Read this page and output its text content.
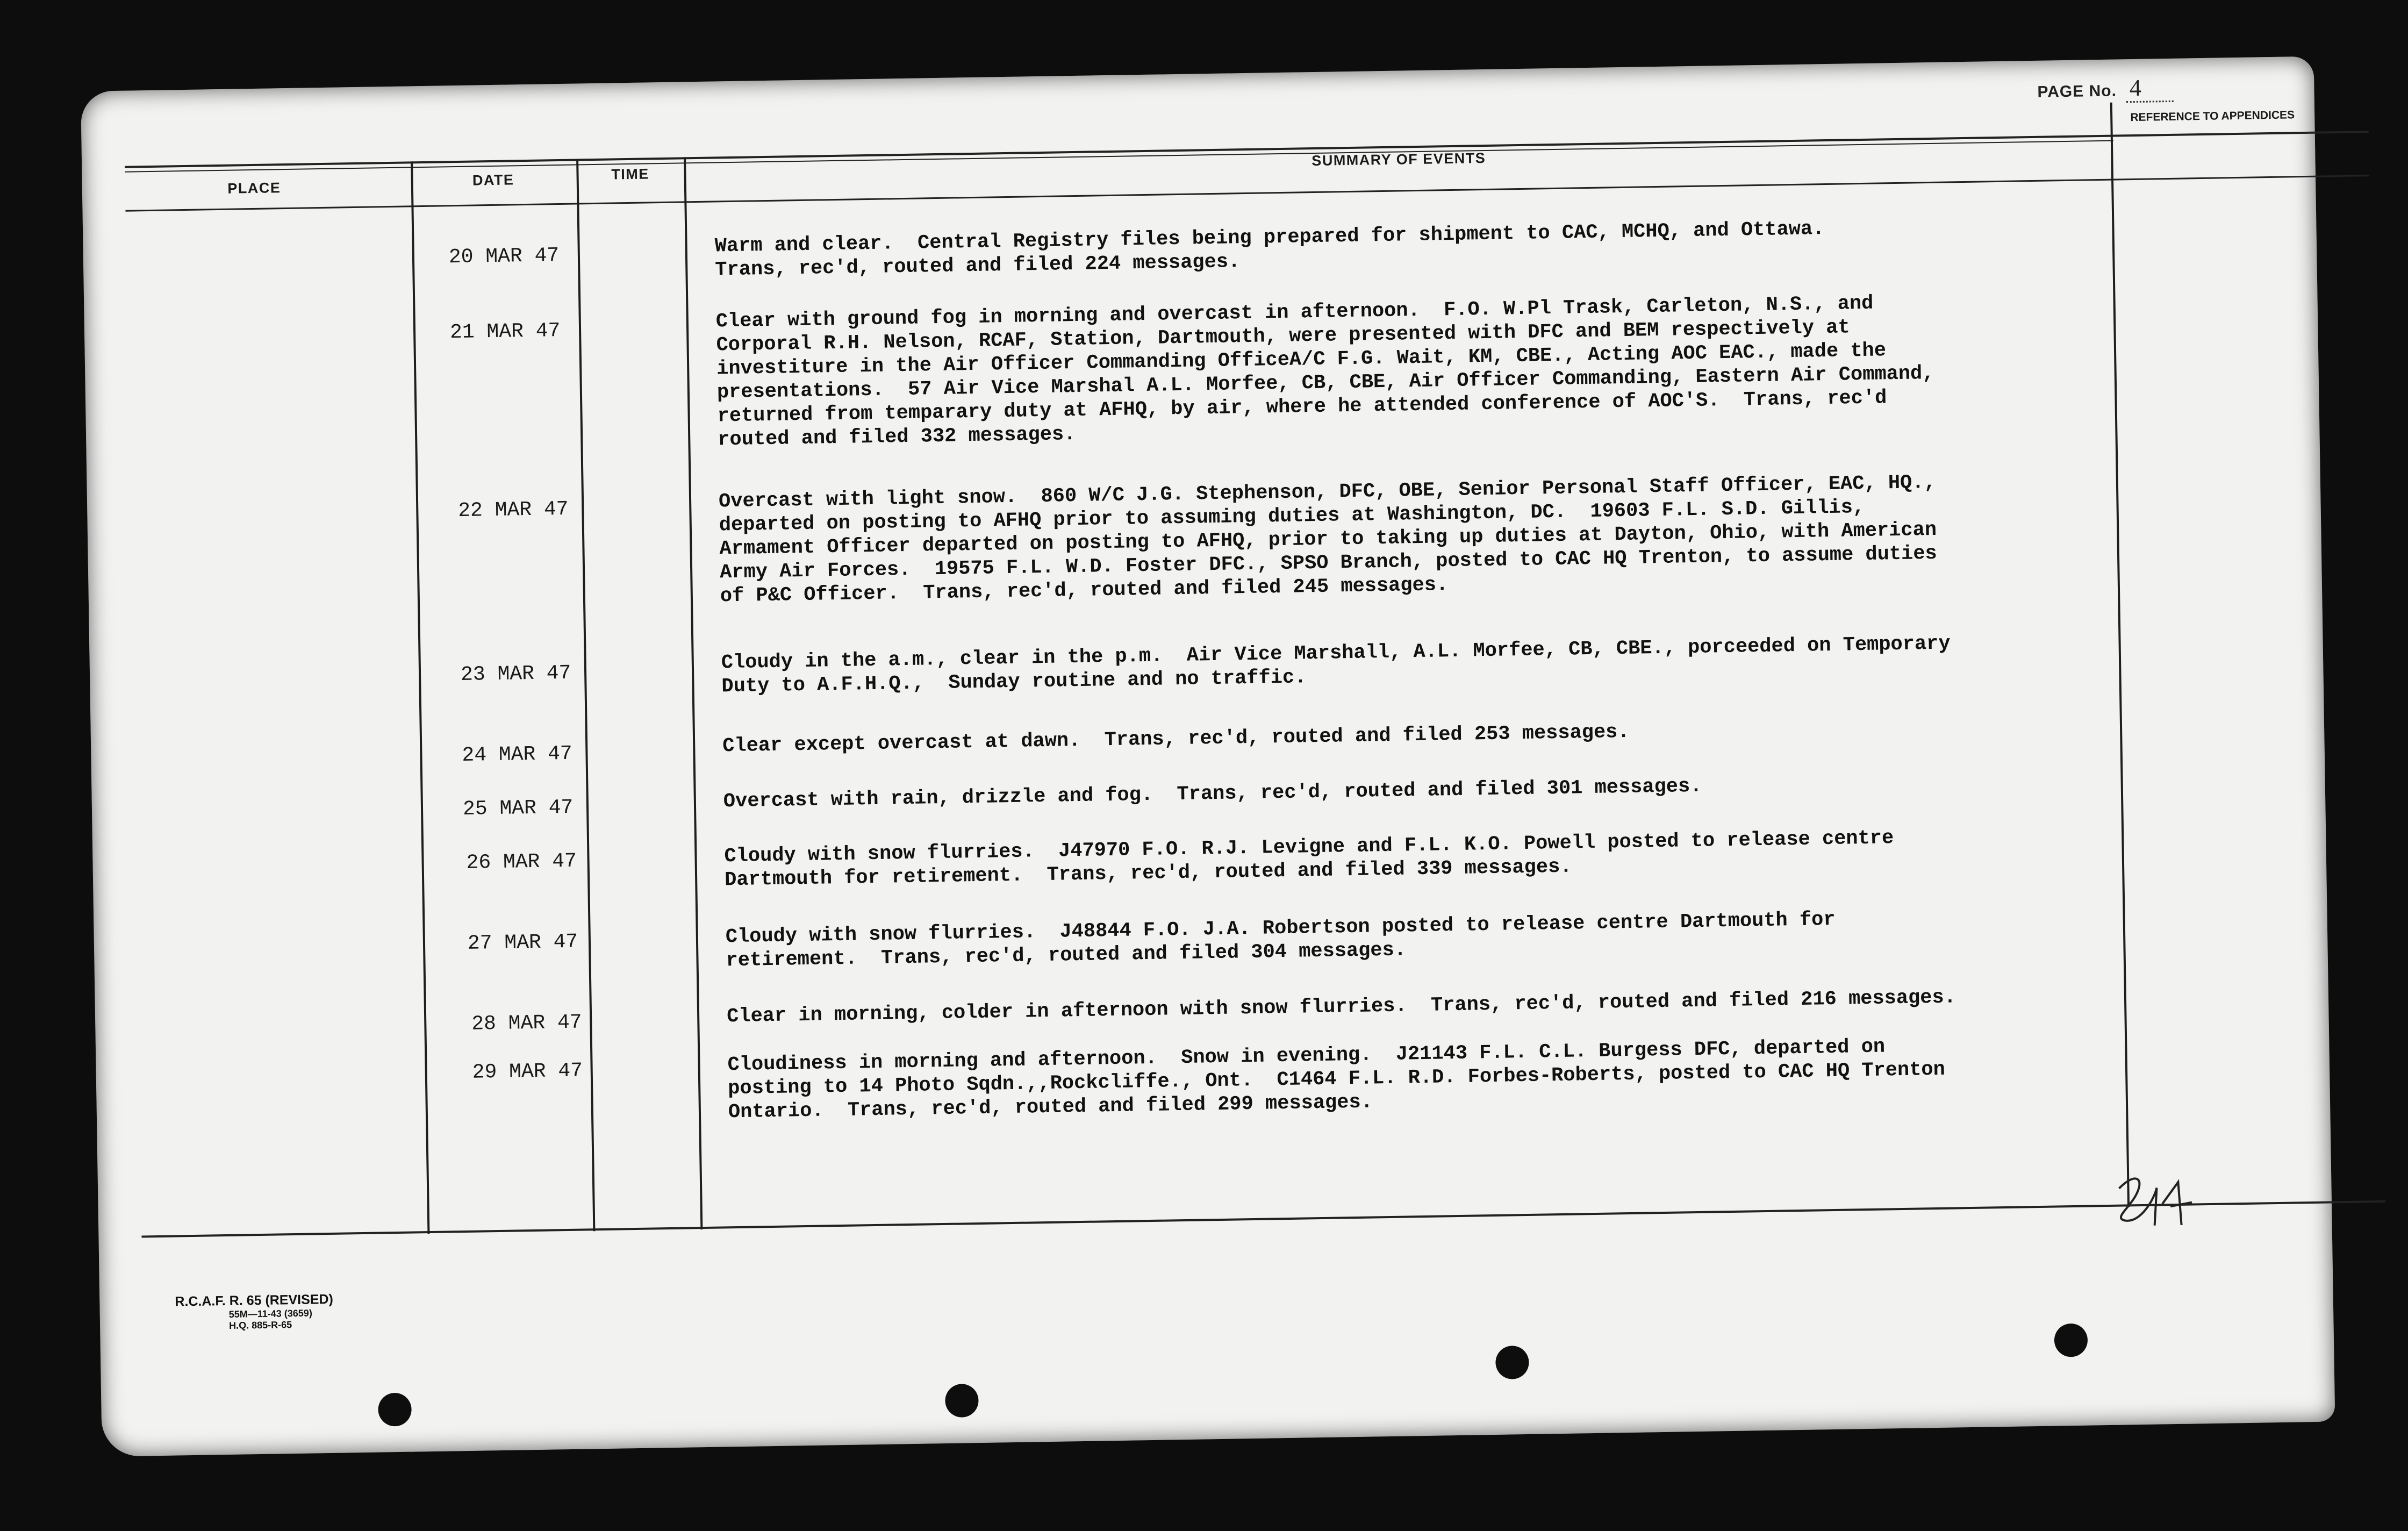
PAGE No. 4
PLACE	DATE	TIME
SUMMARY OF EVENTS
REFERENCE TO APPENDICES
20 MAR 47	Warm and clear.  Central Registry files being prepared for shipment to CAC, MCHQ, and Ottawa.
Trans, rec'd, routed and filed 224 messages.
21 MAR 47	Clear with ground fog in morning and overcast in afternoon.  F.O. W.Pl Trask, Carleton, N.S., and
Corporal R.H. Nelson, RCAF, Station, Dartmouth, were presented with DFC and BEM respectively at
investiture in the Air Officer Commanding OfficeA/C F.G. Wait, KM, CBE., Acting AOC EAC., made the
presentations.  57 Air Vice Marshal A.L. Morfee, CB, CBE, Air Officer Commanding, Eastern Air Command,
returned from temparary duty at AFHQ, by air, where he attended conference of AOC'S.  Trans, rec'd
routed and filed 332 messages.
22 MAR 47	Overcast with light snow.  860 W/C J.G. Stephenson, DFC, OBE, Senior Personal Staff Officer, EAC, HQ.,
departed on posting to AFHQ prior to assuming duties at Washington, DC.  19603 F.L. S.D. Gillis,
Armament Officer departed on posting to AFHQ, prior to taking up duties at Dayton, Ohio, with American
Army Air Forces.  19575 F.L. W.D. Foster DFC., SPSO Branch, posted to CAC HQ Trenton, to assume duties
of P&C Officer.  Trans, rec'd, routed and filed 245 messages.
23 MAR 47	Cloudy in the a.m., clear in the p.m.  Air Vice Marshall, A.L. Morfee, CB, CBE., porceeded on Temporary
Duty to A.F.H.Q.,  Sunday routine and no traffic.
24 MAR 47	Clear except overcast at dawn.  Trans, rec'd, routed and filed 253 messages.
25 MAR 47	Overcast with rain, drizzle and fog.  Trans, rec'd, routed and filed 301 messages.
26 MAR 47	Cloudy with snow flurries.  J47970 F.O. R.J. Levigne and F.L. K.O. Powell posted to release centre
Dartmouth for retirement.  Trans, rec'd, routed and filed 339 messages.
27 MAR 47	Cloudy with snow flurries.  J48844 F.O. J.A. Robertson posted to release centre Dartmouth for
retirement.  Trans, rec'd, routed and filed 304 messages.
28 MAR 47	Clear in morning, colder in afternoon with snow flurries.  Trans, rec'd, routed and filed 216 messages.
29 MAR 47	Cloudiness in morning and afternoon.  Snow in evening.  J21143 F.L. C.L. Burgess DFC, departed on
posting to 14 Photo Sqdn.,,Rockcliffe., Ont.  C1464 F.L. R.D. Forbes-Roberts, posted to CAC HQ Trenton
Ontario.  Trans, rec'd, routed and filed 299 messages.
R.C.A.F. R. 65 (REVISED)
55M—11-43 (3659)
H.Q. 885-R-65
